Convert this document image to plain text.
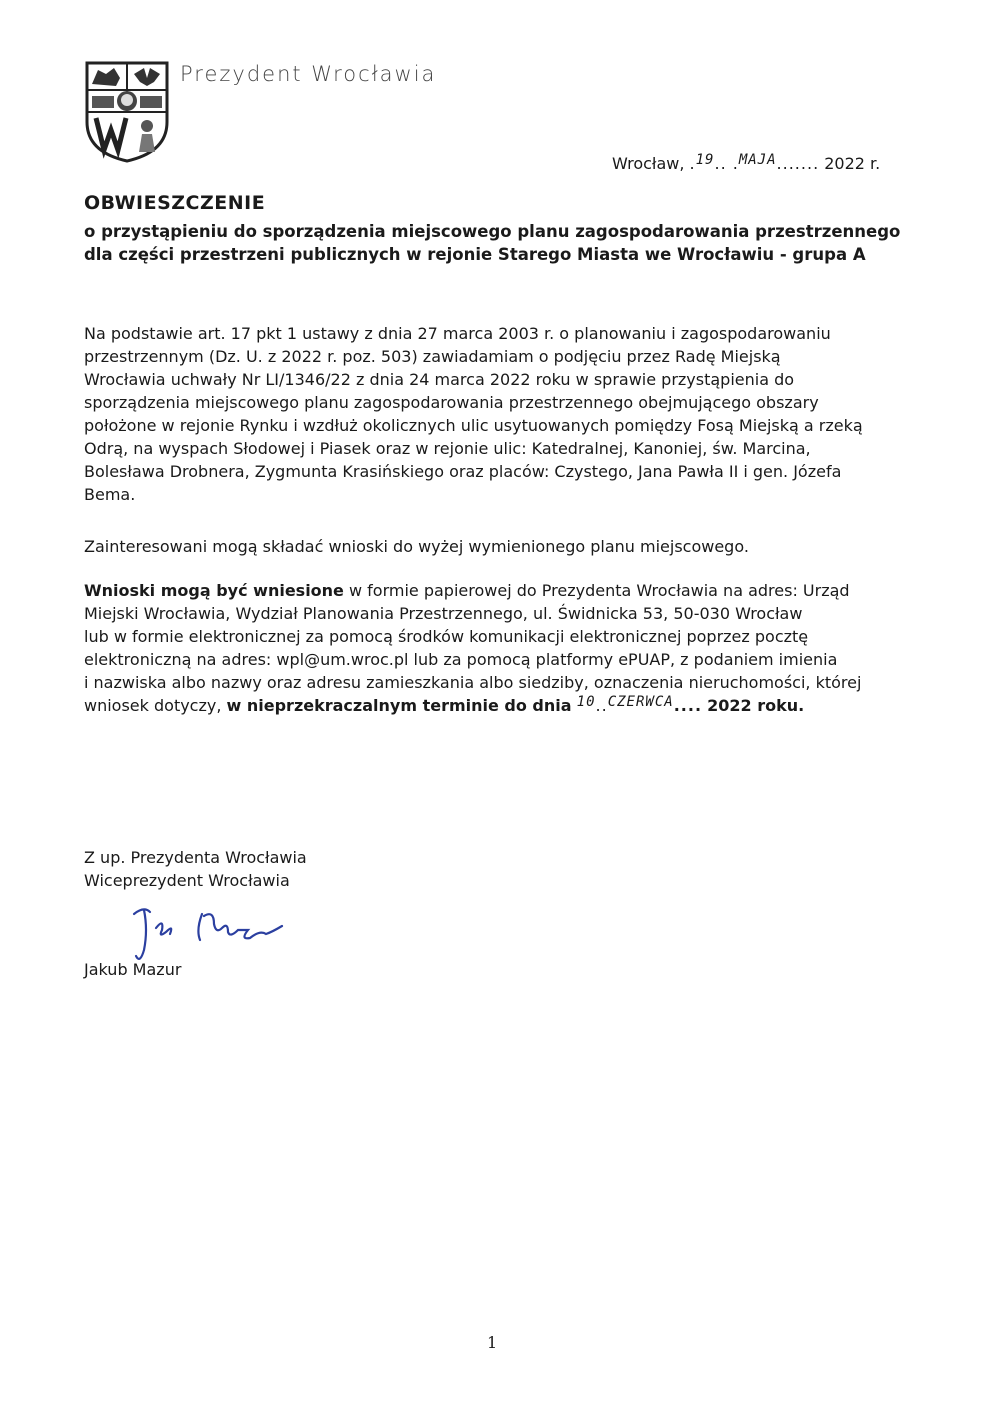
Prezydent Wrocławia
Wrocław, .19.. .MAJA....... 2022 r.
OBWIESZCZENIE
o przystąpieniu do sporządzenia miejscowego planu zagospodarowania przestrzennego
dla części przestrzeni publicznych w rejonie Starego Miasta we Wrocławiu - grupa A
Na podstawie art. 17 pkt 1 ustawy z dnia 27 marca 2003 r. o planowaniu i zagospodarowaniu
przestrzennym (Dz. U. z 2022 r. poz. 503) zawiadamiam o podjęciu przez Radę Miejską
Wrocławia uchwały Nr LI/1346/22 z dnia 24 marca 2022 roku w sprawie przystąpienia do
sporządzenia miejscowego planu zagospodarowania przestrzennego obejmującego obszary
położone w rejonie Rynku i wzdłuż okolicznych ulic usytuowanych pomiędzy Fosą Miejską a rzeką
Odrą, na wyspach Słodowej i Piasek oraz w rejonie ulic: Katedralnej, Kanoniej, św. Marcina,
Bolesława Drobnera, Zygmunta Krasińskiego oraz placów: Czystego, Jana Pawła II i gen. Józefa
Bema.
Zainteresowani mogą składać wnioski do wyżej wymienionego planu miejscowego.
Wnioski mogą być wniesione w formie papierowej do Prezydenta Wrocławia na adres: Urząd
Miejski Wrocławia, Wydział Planowania Przestrzennego, ul. Świdnicka 53, 50-030 Wrocław
lub w formie elektronicznej za pomocą środków komunikacji elektronicznej poprzez pocztę
elektroniczną na adres: wpl@um.wroc.pl lub za pomocą platformy ePUAP, z podaniem imienia
i nazwiska albo nazwy oraz adresu zamieszkania albo siedziby, oznaczenia nieruchomości, której
wniosek dotyczy, w nieprzekraczalnym terminie do dnia 10..CZERWCA.... 2022 roku.
Z up. Prezydenta Wrocławia
Wiceprezydent Wrocławia
Jakub Mazur
1
